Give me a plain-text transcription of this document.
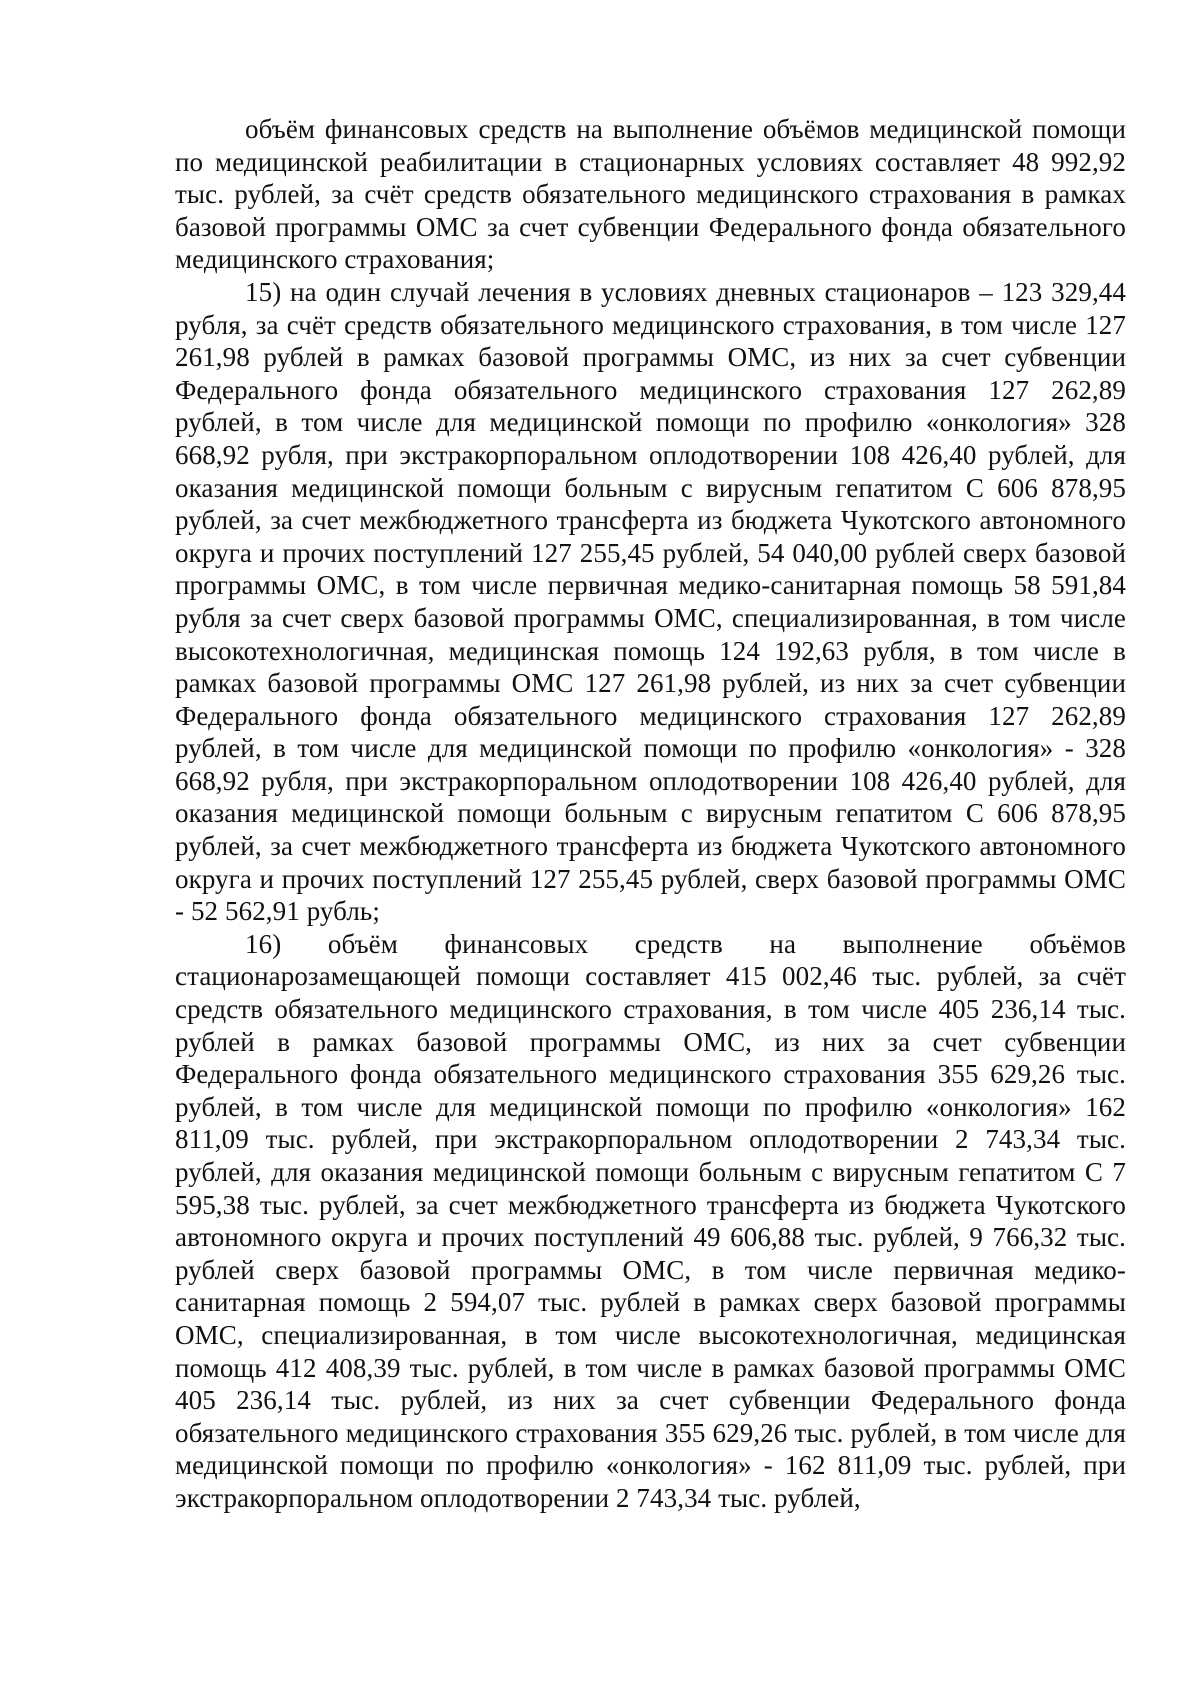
объём финансовых средств на выполнение объёмов медицинской помощи по медицинской реабилитации в стационарных условиях составляет 48 992,92 тыс. рублей, за счёт средств обязательного медицинского страхования в рамках базовой программы ОМС за счет субвенции Федерального фонда обязательного медицинского страхования;

15) на один случай лечения в условиях дневных стационаров – 123 329,44 рубля, за счёт средств обязательного медицинского страхования, в том числе 127 261,98 рублей в рамках базовой программы ОМС, из них за счет субвенции Федерального фонда обязательного медицинского страхования 127 262,89 рублей, в том числе для медицинской помощи по профилю «онкология» 328 668,92 рубля, при экстракорпоральном оплодотворении 108 426,40 рублей, для оказания медицинской помощи больным с вирусным гепатитом С 606 878,95 рублей, за счет межбюджетного трансферта из бюджета Чукотского автономного округа и прочих поступлений 127 255,45 рублей, 54 040,00 рублей сверх базовой программы ОМС, в том числе первичная медико-санитарная помощь 58 591,84 рубля за счет сверх базовой программы ОМС, специализированная, в том числе высокотехнологичная, медицинская помощь 124 192,63 рубля, в том числе в рамках базовой программы ОМС 127 261,98 рублей, из них за счет субвенции Федерального фонда обязательного медицинского страхования 127 262,89 рублей, в том числе для медицинской помощи по профилю «онкология» - 328 668,92 рубля, при экстракорпоральном оплодотворении 108 426,40 рублей, для оказания медицинской помощи больным с вирусным гепатитом С 606 878,95 рублей, за счет межбюджетного трансферта из бюджета Чукотского автономного округа и прочих поступлений 127 255,45 рублей, сверх базовой программы ОМС - 52 562,91 рубль;

16) объём финансовых средств на выполнение объёмов стационарозамещающей помощи составляет 415 002,46 тыс. рублей, за счёт средств обязательного медицинского страхования, в том числе 405 236,14 тыс. рублей в рамках базовой программы ОМС, из них за счет субвенции Федерального фонда обязательного медицинского страхования 355 629,26 тыс. рублей, в том числе для медицинской помощи по профилю «онкология» 162 811,09 тыс. рублей, при экстракорпоральном оплодотворении 2 743,34 тыс. рублей, для оказания медицинской помощи больным с вирусным гепатитом С 7 595,38 тыс. рублей, за счет межбюджетного трансферта из бюджета Чукотского автономного округа и прочих поступлений 49 606,88 тыс. рублей, 9 766,32 тыс. рублей сверх базовой программы ОМС, в том числе первичная медико-санитарная помощь 2 594,07 тыс. рублей в рамках сверх базовой программы ОМС, специализированная, в том числе высокотехнологичная, медицинская помощь 412 408,39 тыс. рублей, в том числе в рамках базовой программы ОМС 405 236,14 тыс. рублей, из них за счет субвенции Федерального фонда обязательного медицинского страхования 355 629,26 тыс. рублей, в том числе для медицинской помощи по профилю «онкология» - 162 811,09 тыс. рублей, при экстракорпоральном оплодотворении 2 743,34 тыс. рублей,
